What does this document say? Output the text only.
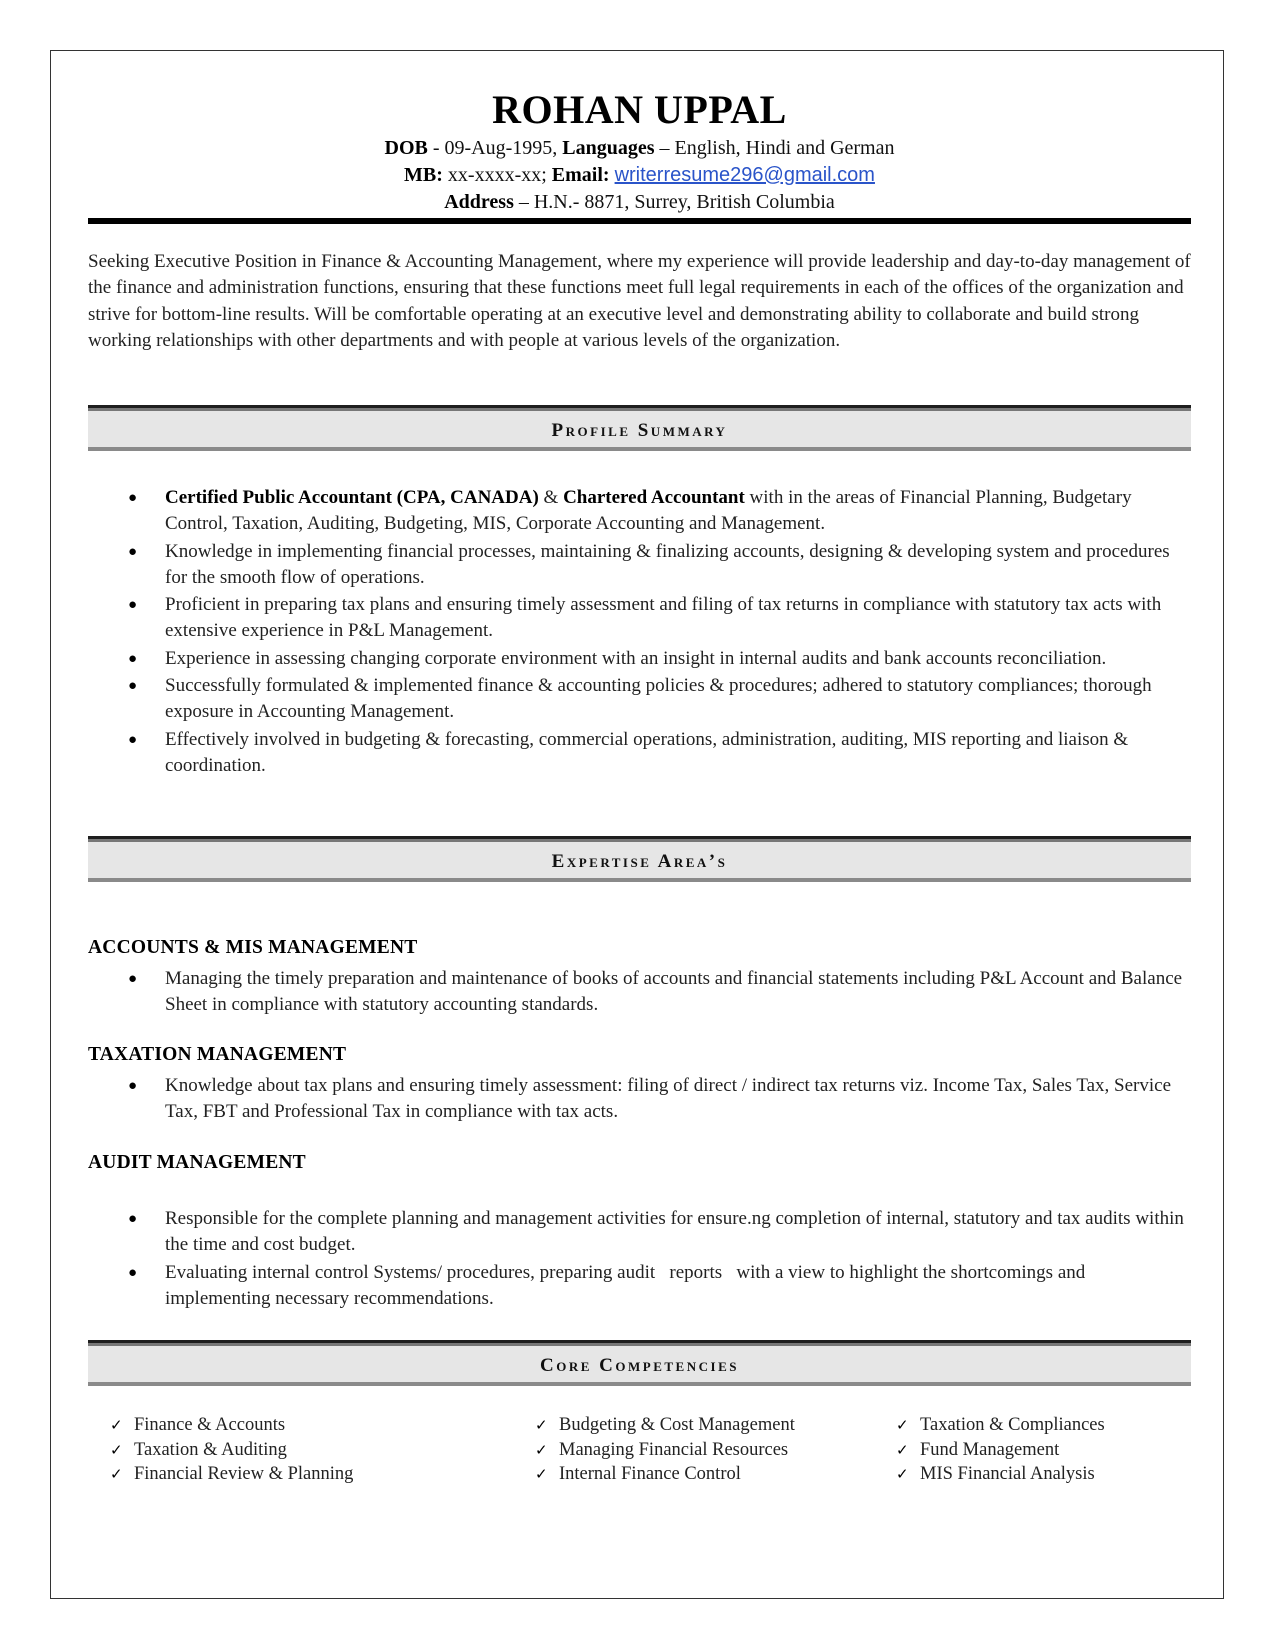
ROHAN UPPAL
DOB - 09-Aug-1995, Languages – English, Hindi and German
MB: xx-xxxx-xx; Email: writerresume296@gmail.com
Address – H.N.- 8871, Surrey, British Columbia
Seeking Executive Position in Finance & Accounting Management, where my experience will provide leadership and day-to-day management of the finance and administration functions, ensuring that these functions meet full legal requirements in each of the offices of the organization and strive for bottom-line results. Will be comfortable operating at an executive level and demonstrating ability to collaborate and build strong working relationships with other departments and with people at various levels of the organization.
Profile Summary
● Certified Public Accountant (CPA, CANADA) & Chartered Accountant with in the areas of Financial Planning, Budgetary Control, Taxation, Auditing, Budgeting, MIS, Corporate Accounting and Management.
● Knowledge in implementing financial processes, maintaining & finalizing accounts, designing & developing system and procedures for the smooth flow of operations.
● Proficient in preparing tax plans and ensuring timely assessment and filing of tax returns in compliance with statutory tax acts with extensive experience in P&L Management.
● Experience in assessing changing corporate environment with an insight in internal audits and bank accounts reconciliation.
● Successfully formulated & implemented finance & accounting policies & procedures; adhered to statutory compliances; thorough exposure in Accounting Management.
● Effectively involved in budgeting & forecasting, commercial operations, administration, auditing, MIS reporting and liaison & coordination.
Expertise Area’s
ACCOUNTS & MIS MANAGEMENT
● Managing the timely preparation and maintenance of books of accounts and financial statements including P&L Account and Balance Sheet in compliance with statutory accounting standards.
TAXATION MANAGEMENT
● Knowledge about tax plans and ensuring timely assessment: filing of direct / indirect tax returns viz. Income Tax, Sales Tax, Service Tax, FBT and Professional Tax in compliance with tax acts.
AUDIT MANAGEMENT
● Responsible for the complete planning and management activities for ensure.ng completion of internal, statutory and tax audits within the time and cost budget.
● Evaluating internal control Systems/ procedures, preparing audit   reports   with a view to highlight the shortcomings and implementing necessary recommendations.
Core Competencies
✓ Finance & Accounts
✓ Taxation & Auditing
✓ Financial Review & Planning
✓ Budgeting & Cost Management
✓ Managing Financial Resources
✓ Internal Finance Control
✓ Taxation & Compliances
✓ Fund Management
✓ MIS Financial Analysis
